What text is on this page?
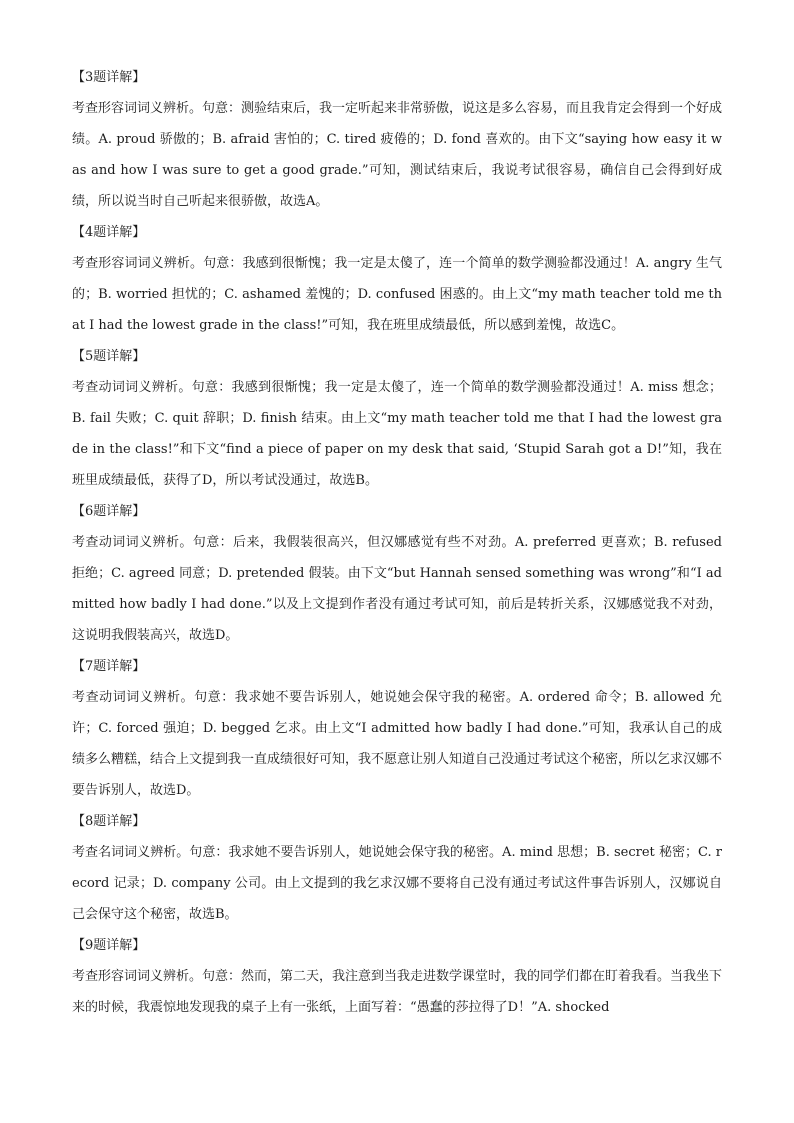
【3题详解】
考查形容词词义辨析。句意：测验结束后，我一定听起来非常骄傲，说这是多么容易，而且我肯定会得到一个好成绩。A. proud 骄傲的；B. afraid 害怕的；C. tired 疲倦的；D. fond 喜欢的。由下文“saying how easy it was and how I was sure to get a good grade.”可知，测试结束后，我说考试很容易，确信自己会得到好成绩，所以说当时自己听起来很骄傲，故选A。
【4题详解】
考查形容词词义辨析。句意：我感到很惭愧；我一定是太傻了，连一个简单的数学测验都没通过！A. angry 生气的；B. worried 担忧的；C. ashamed 羞愧的；D. confused 困惑的。由上文“my math teacher told me that I had the lowest grade in the class!”可知，我在班里成绩最低，所以感到羞愧，故选C。
【5题详解】
考查动词词义辨析。句意：我感到很惭愧；我一定是太傻了，连一个简单的数学测验都没通过！A. miss 想念；B. fail 失败；C. quit 辞职；D. finish 结束。由上文“my math teacher told me that I had the lowest grade in the class!”和下文“find a piece of paper on my desk that said, ‘Stupid Sarah got a D!”知，我在班里成绩最低，获得了D，所以考试没通过，故选B。
【6题详解】
考查动词词义辨析。句意：后来，我假装很高兴，但汉娜感觉有些不对劲。A. preferred 更喜欢；B. refused 拒绝；C. agreed 同意；D. pretended 假装。由下文“but Hannah sensed something was wrong”和“I admitted how badly I had done.”以及上文提到作者没有通过考试可知，前后是转折关系，汉娜感觉我不对劲，这说明我假装高兴，故选D。
【7题详解】
考查动词词义辨析。句意：我求她不要告诉别人，她说她会保守我的秘密。A. ordered 命令；B. allowed 允许；C. forced 强迫；D. begged 乞求。由上文“I admitted how badly I had done.”可知，我承认自己的成绩多么糟糕，结合上文提到我一直成绩很好可知，我不愿意让别人知道自己没通过考试这个秘密，所以乞求汉娜不要告诉别人，故选D。
【8题详解】
考查名词词义辨析。句意：我求她不要告诉别人，她说她会保守我的秘密。A. mind 思想；B. secret 秘密；C. record 记录；D. company 公司。由上文提到的我乞求汉娜不要将自己没有通过考试这件事告诉别人，汉娜说自己会保守这个秘密，故选B。
【9题详解】
考查形容词词义辨析。句意：然而，第二天，我注意到当我走进数学课堂时，我的同学们都在盯着我看。当我坐下来的时候，我震惊地发现我的桌子上有一张纸，上面写着：“愚蠢的莎拉得了D！”A. shocked
